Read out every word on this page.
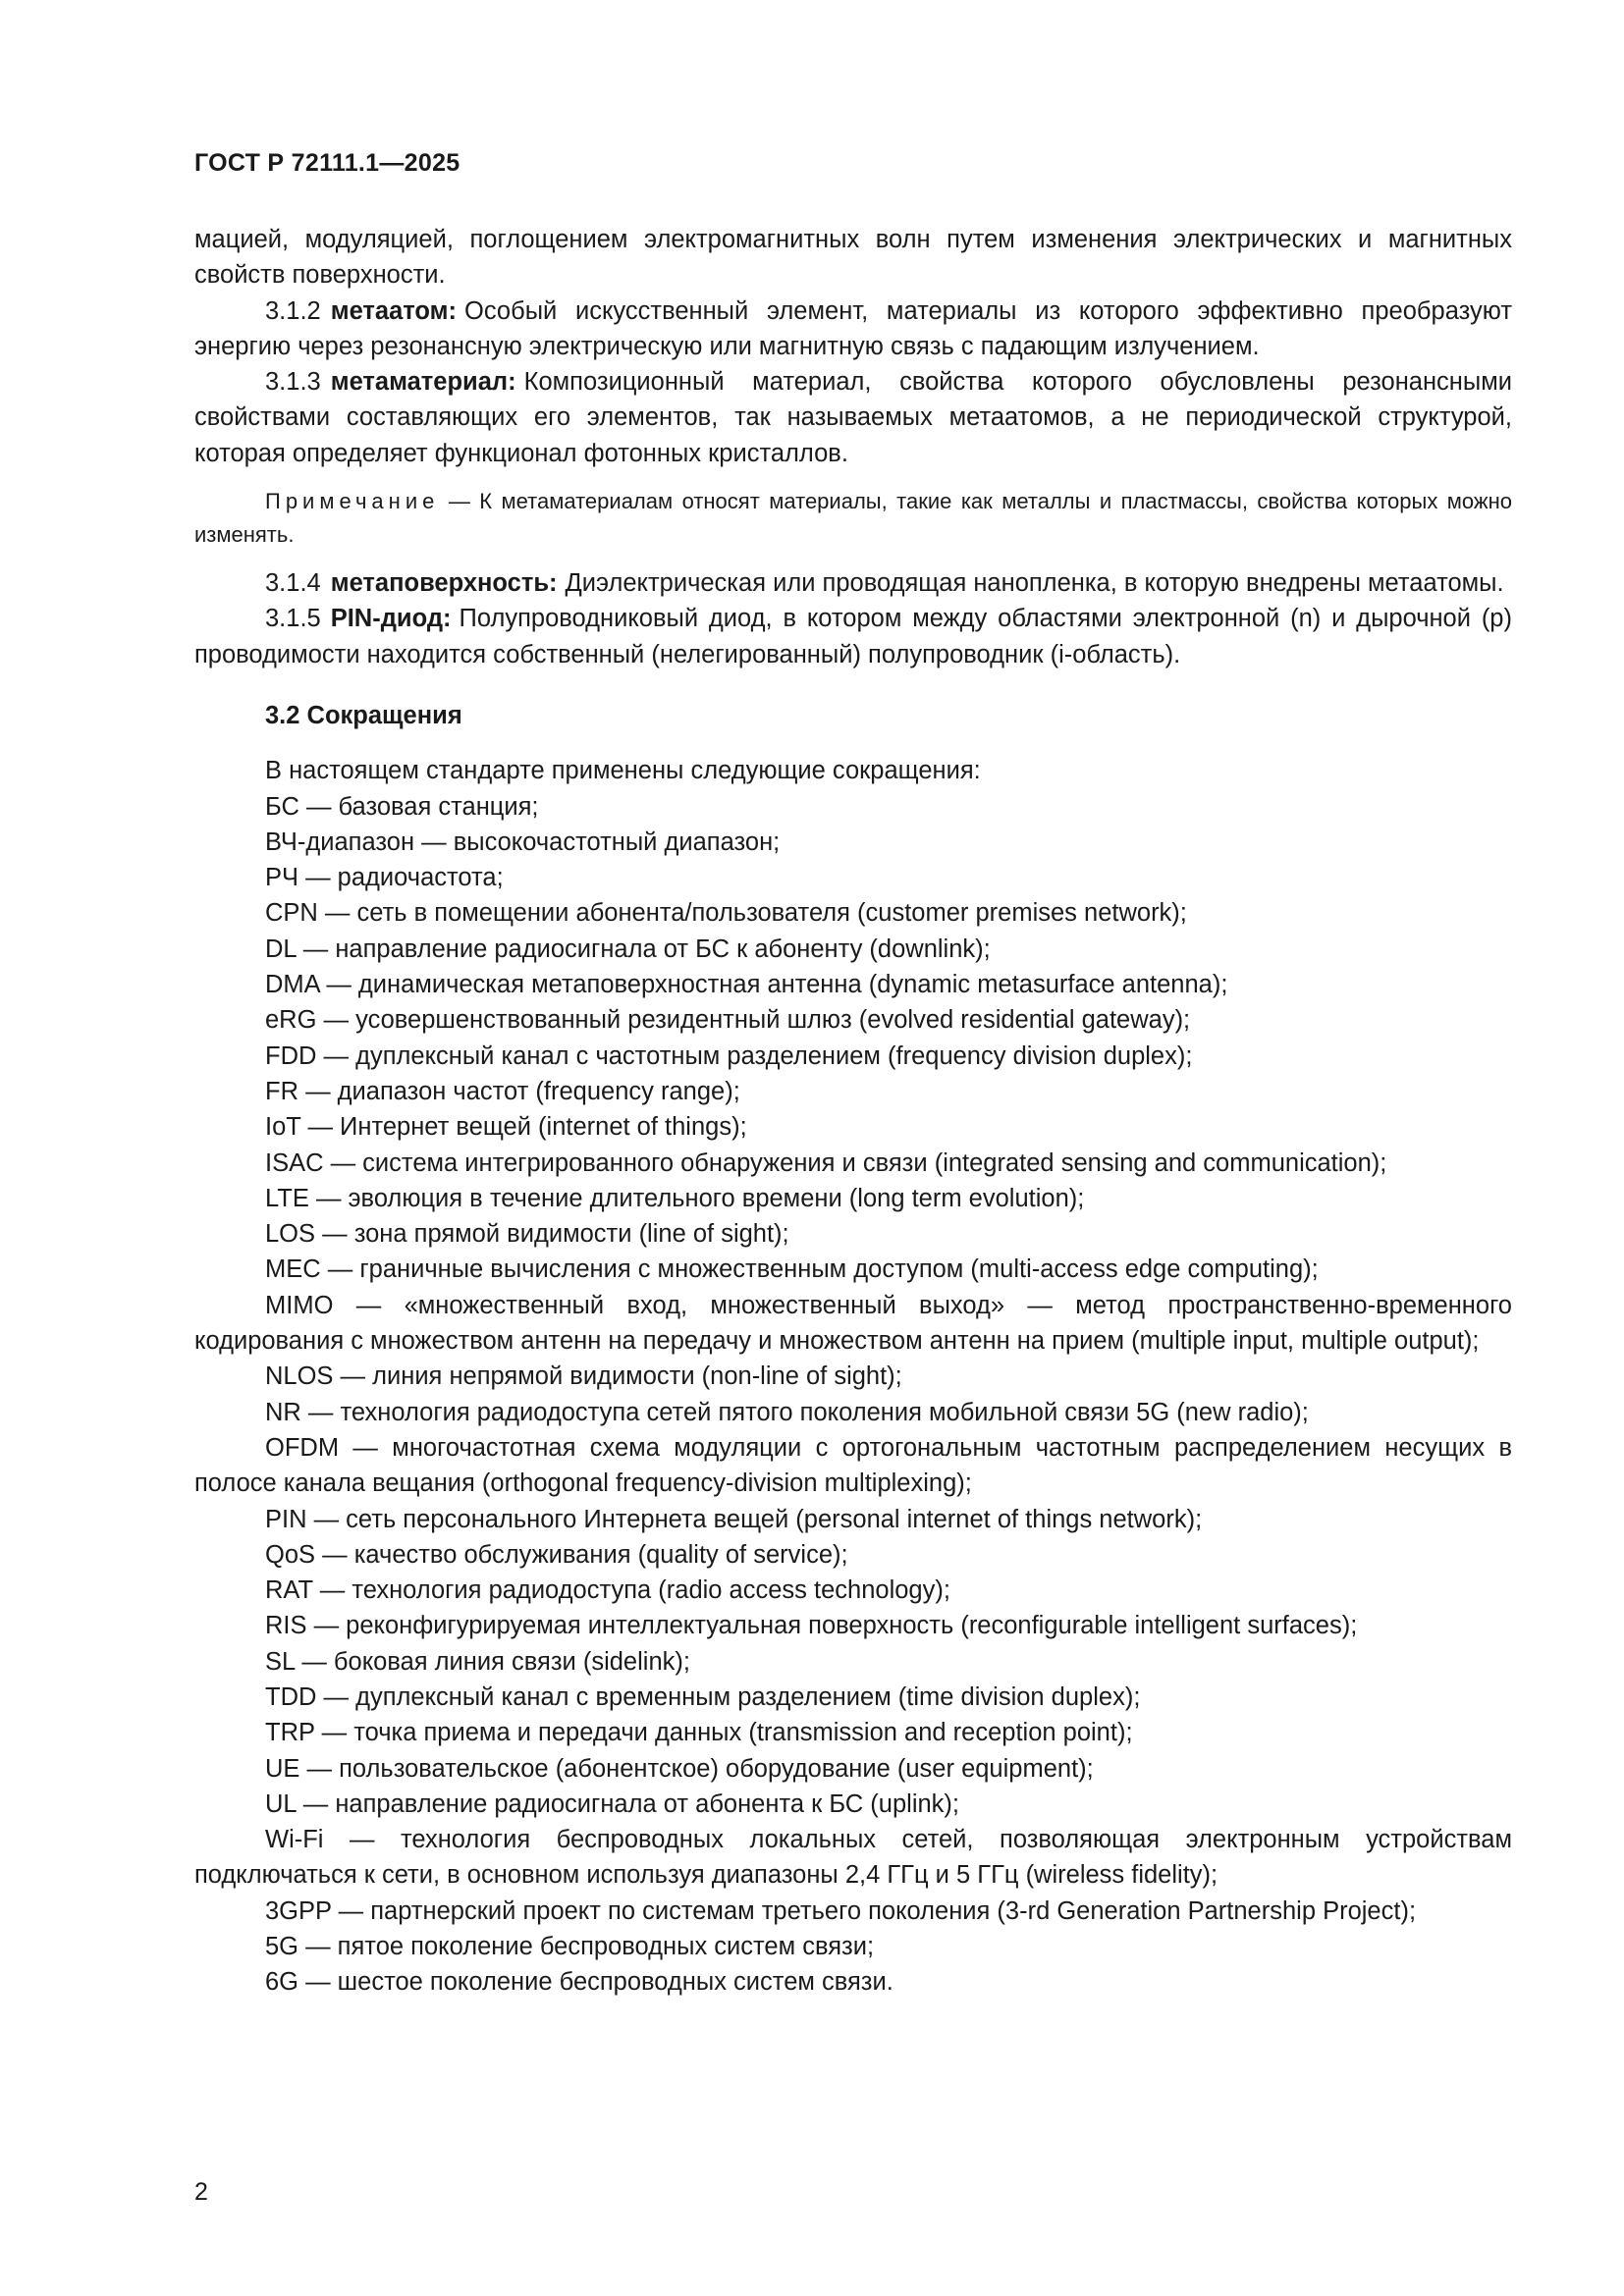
ГОСТ Р 72111.1—2025

мацией, модуляцией, поглощением электромагнитных волн путем изменения электрических и магнитных свойств поверхности.

3.1.2 метаатом: Особый искусственный элемент, материалы из которого эффективно преобразуют энергию через резонансную электрическую или магнитную связь с падающим излучением.

3.1.3 метаматериал: Композиционный материал, свойства которого обусловлены резонансными свойствами составляющих его элементов, так называемых метаатомов, а не периодической структурой, которая определяет функционал фотонных кристаллов.

Примечание — К метаматериалам относят материалы, такие как металлы и пластмассы, свойства которых можно изменять.

3.1.4 метаповерхность: Диэлектрическая или проводящая нанопленка, в которую внедрены метаатомы.

3.1.5 PIN-диод: Полупроводниковый диод, в котором между областями электронной (n) и дырочной (p) проводимости находится собственный (нелегированный) полупроводник (i-область).

3.2 Сокращения

В настоящем стандарте применены следующие сокращения:

БС — базовая станция;
ВЧ-диапазон — высокочастотный диапазон;
РЧ — радиочастота;
CPN — сеть в помещении абонента/пользователя (customer premises network);
DL — направление радиосигнала от БС к абоненту (downlink);
DMA — динамическая метаповерхностная антенна (dynamic metasurface antenna);
eRG — усовершенствованный резидентный шлюз (evolved residential gateway);
FDD — дуплексный канал с частотным разделением (frequency division duplex);
FR — диапазон частот (frequency range);
IoT — Интернет вещей (internet of things);
ISAC — система интегрированного обнаружения и связи (integrated sensing and communication);
LTE — эволюция в течение длительного времени (long term evolution);
LOS — зона прямой видимости (line of sight);
MEC — граничные вычисления с множественным доступом (multi-access edge computing);
MIMO — «множественный вход, множественный выход» — метод пространственно-временного кодирования с множеством антенн на передачу и множеством антенн на прием (multiple input, multiple output);
NLOS — линия непрямой видимости (non-line of sight);
NR — технология радиодоступа сетей пятого поколения мобильной связи 5G (new radio);
OFDM — многочастотная схема модуляции с ортогональным частотным распределением несущих в полосе канала вещания (orthogonal frequency-division multiplexing);
PIN — сеть персонального Интернета вещей (personal internet of things network);
QoS — качество обслуживания (quality of service);
RAT — технология радиодоступа (radio access technology);
RIS — реконфигурируемая интеллектуальная поверхность (reconfigurable intelligent surfaces);
SL — боковая линия связи (sidelink);
TDD — дуплексный канал с временным разделением (time division duplex);
TRP — точка приема и передачи данных (transmission and reception point);
UE — пользовательское (абонентское) оборудование (user equipment);
UL — направление радиосигнала от абонента к БС (uplink);
Wi-Fi — технология беспроводных локальных сетей, позволяющая электронным устройствам подключаться к сети, в основном используя диапазоны 2,4 ГГц и 5 ГГц (wireless fidelity);
3GPP — партнерский проект по системам третьего поколения (3-rd Generation Partnership Project);
5G — пятое поколение беспроводных систем связи;
6G — шестое поколение беспроводных систем связи.
2
